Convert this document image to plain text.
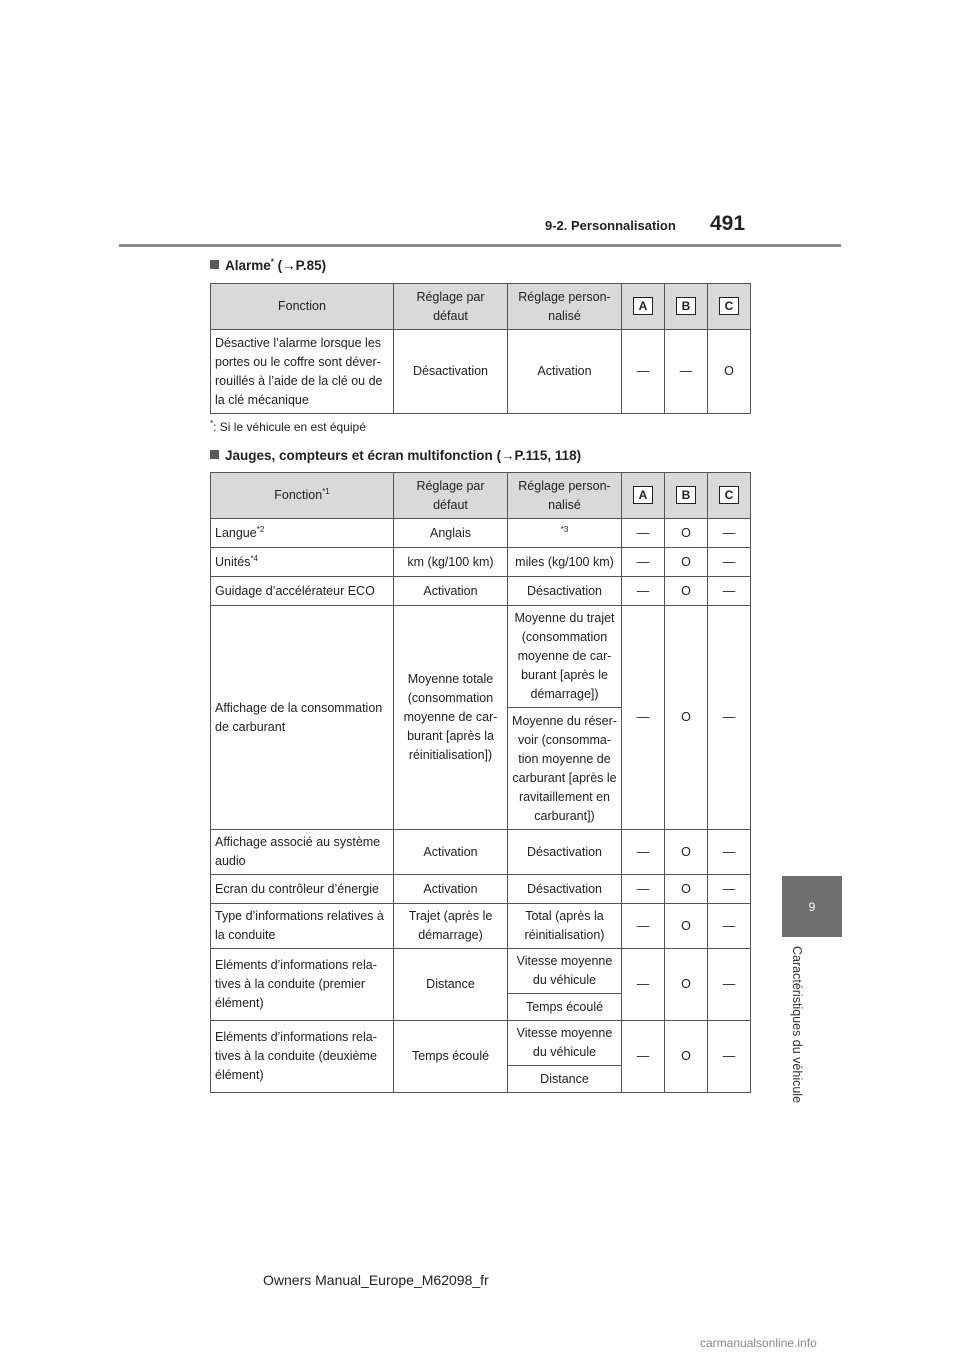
9-2. Personnalisation 491
9
Caractéristiques du véhicule
Alarme* (→P.85)
Fonction	Réglage par défaut	Réglage person-nalisé	A	B	C
Désactive l’alarme lorsque les portes ou le coffre sont déver-rouillés à l’aide de la clé ou de la clé mécanique	Désactivation	Activation	—	—	O
*: Si le véhicule en est équipé
Jauges, compteurs et écran multifonction (→P.115, 118)
Fonction$^{*1}$	Réglage par défaut	Réglage person-nalisé	A	B	C
Langue$^{*2}$	Anglais	$^{*3}$	—	O	—
Unités$^{*4}$	km (kg/100 km)	miles (kg/100 km)	—	O	—
Guidage d’accélérateur ECO	Activation	Désactivation	—	O	—
Affichage de la consommation de carburant	Moyenne totale (consommation moyenne de car-burant [après la réinitialisation])	Moyenne du trajet (consommation moyenne de car-burant [après le démarrage])	—	O	—
		Moyenne du réser-voir (consomma-tion moyenne de carburant [après le ravitaillement en carburant])			
Affichage associé au système audio	Activation	Désactivation	—	O	—
Ecran du contrôleur d’énergie	Activation	Désactivation	—	O	—
Type d’informations relatives à la conduite	Trajet (après le démarrage)	Total (après la réinitialisation)	—	O	—
Eléments d’informations rela-tives à la conduite (premier élément)	Distance	Vitesse moyenne du véhicule	—	O	—
		Temps écoulé			
Eléments d’informations rela-tives à la conduite (deuxième élément)	Temps écoulé	Vitesse moyenne du véhicule	—	O	—
		Distance			
Owners Manual_Europe_M62098_fr
carmanualsonline.info
